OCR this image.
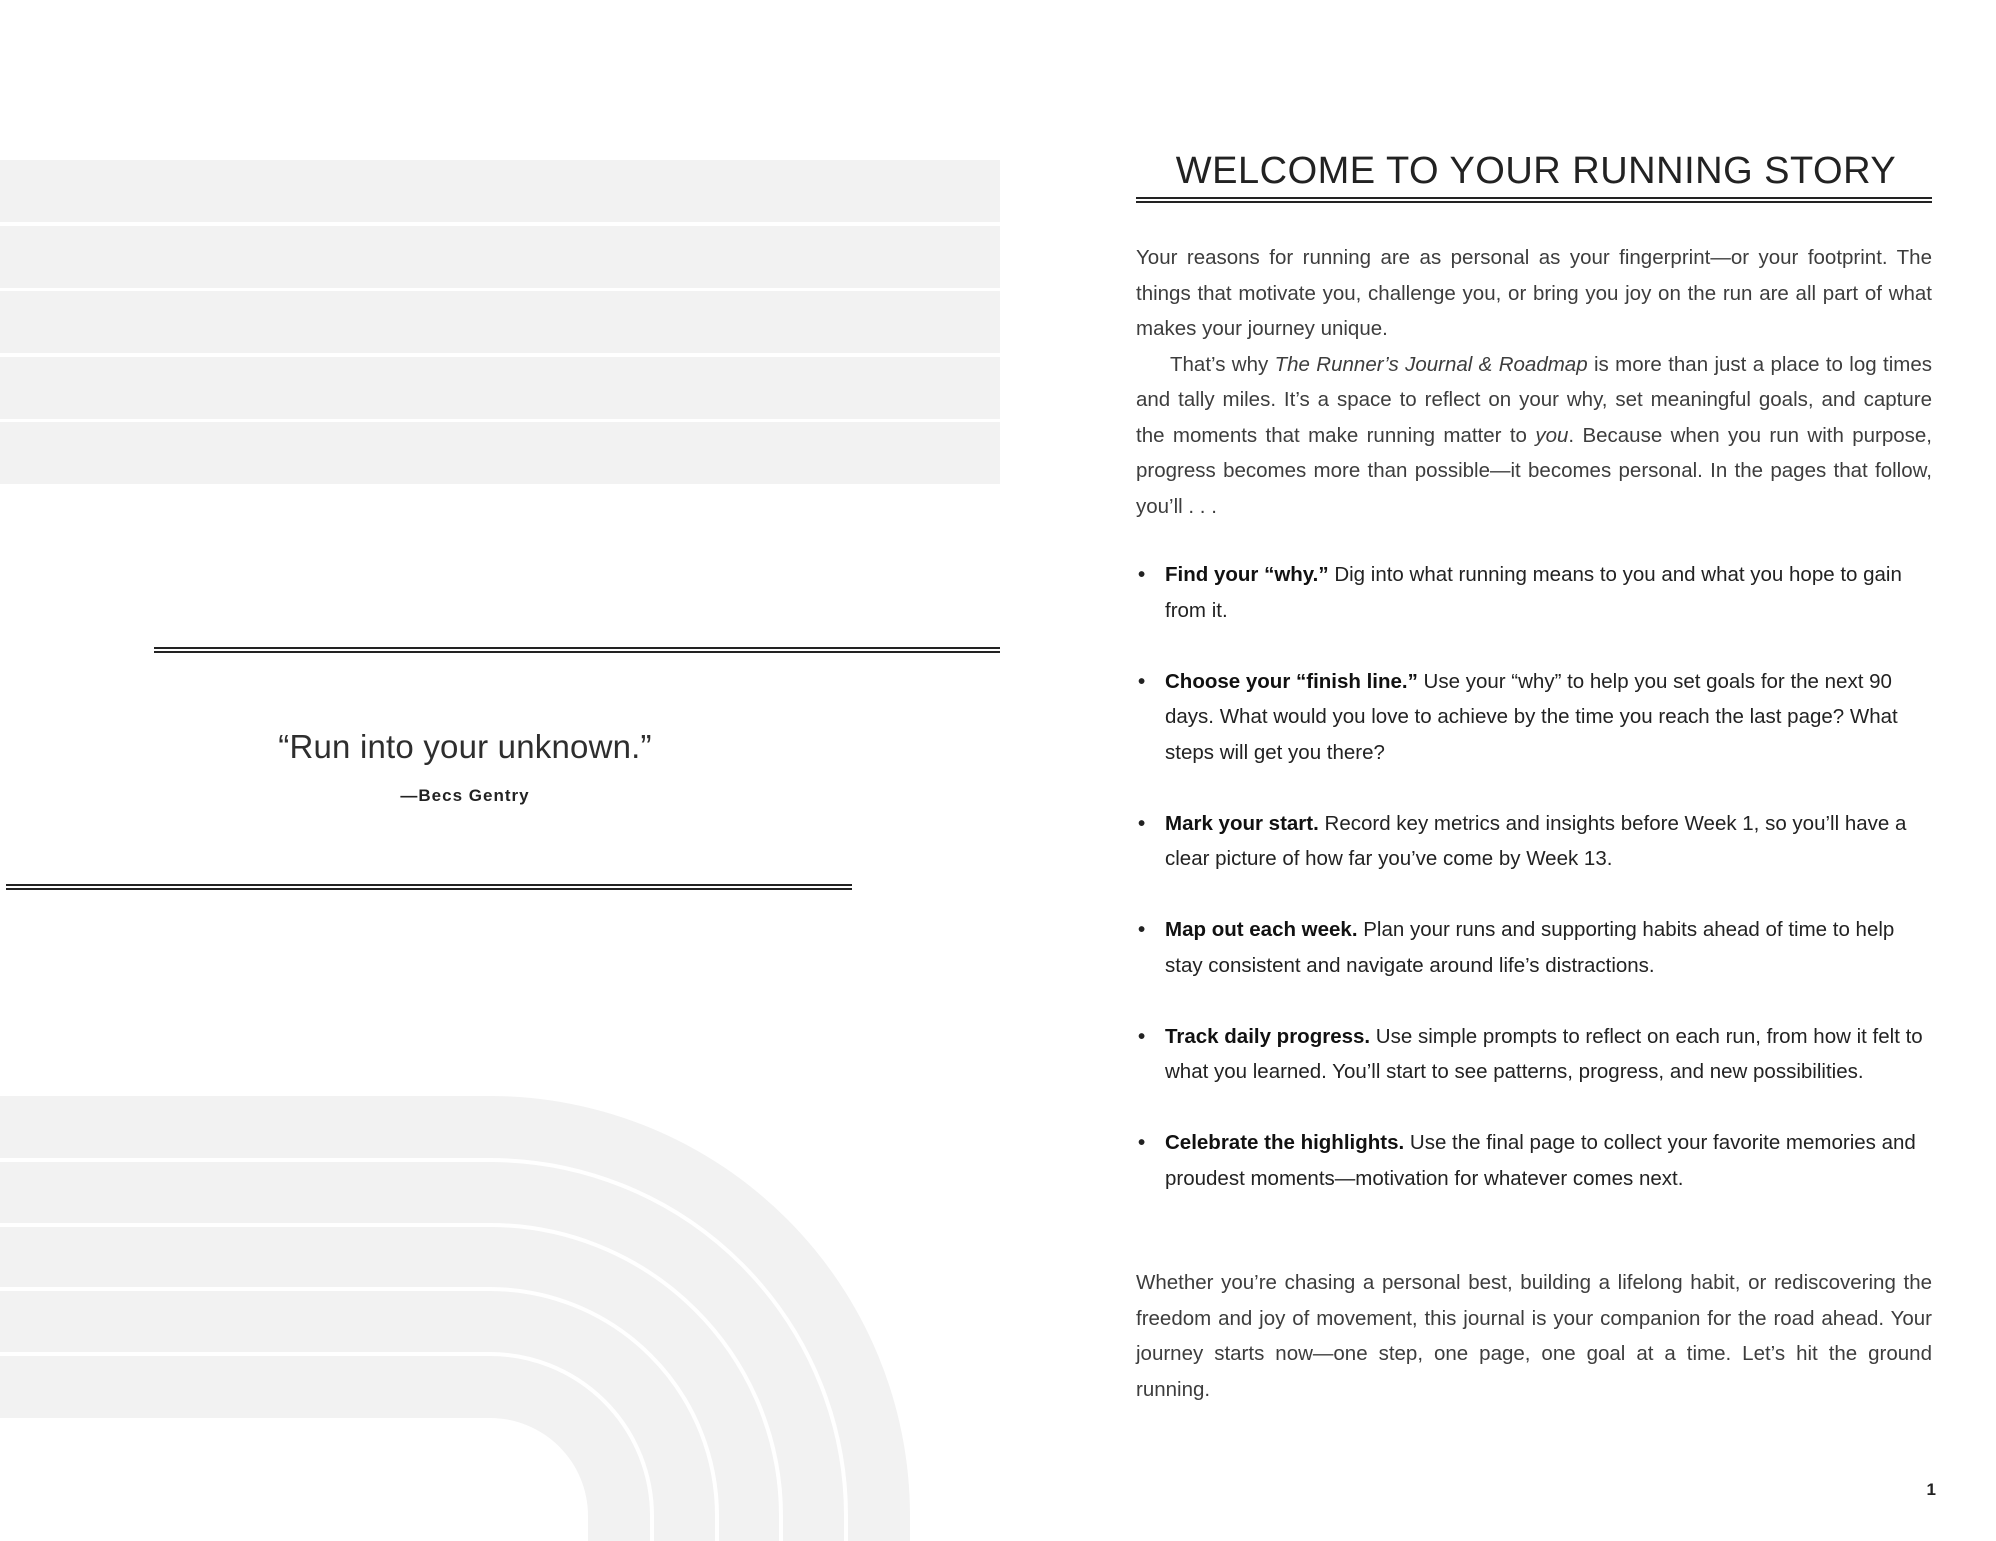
“Run into your unknown.”
—Becs Gentry
WELCOME TO YOUR RUNNING STORY

Your reasons for running are as personal as your fingerprint—or your footprint. The things that motivate you, challenge you, or bring you joy on the run are all part of what makes your journey unique.

That’s why The Runner’s Journal & Roadmap is more than just a place to log times and tally miles. It’s a space to reflect on your why, set meaningful goals, and capture the moments that make running matter to you. Because when you run with purpose, progress becomes more than possible—it becomes personal. In the pages that follow, you’ll . . .

• Find your “why.” Dig into what running means to you and what you hope to gain from it.
• Choose your “finish line.” Use your “why” to help you set goals for the next 90 days. What would you love to achieve by the time you reach the last page? What steps will get you there?
• Mark your start. Record key metrics and insights before Week 1, so you’ll have a clear picture of how far you’ve come by Week 13.
• Map out each week. Plan your runs and supporting habits ahead of time to help stay consistent and navigate around life’s distractions.
• Track daily progress. Use simple prompts to reflect on each run, from how it felt to what you learned. You’ll start to see patterns, progress, and new possibilities.
• Celebrate the highlights. Use the final page to collect your favorite memories and proudest moments—motivation for whatever comes next.

Whether you’re chasing a personal best, building a lifelong habit, or rediscovering the freedom and joy of movement, this journal is your companion for the road ahead. Your journey starts now—one step, one page, one goal at a time. Let’s hit the ground running.

1
